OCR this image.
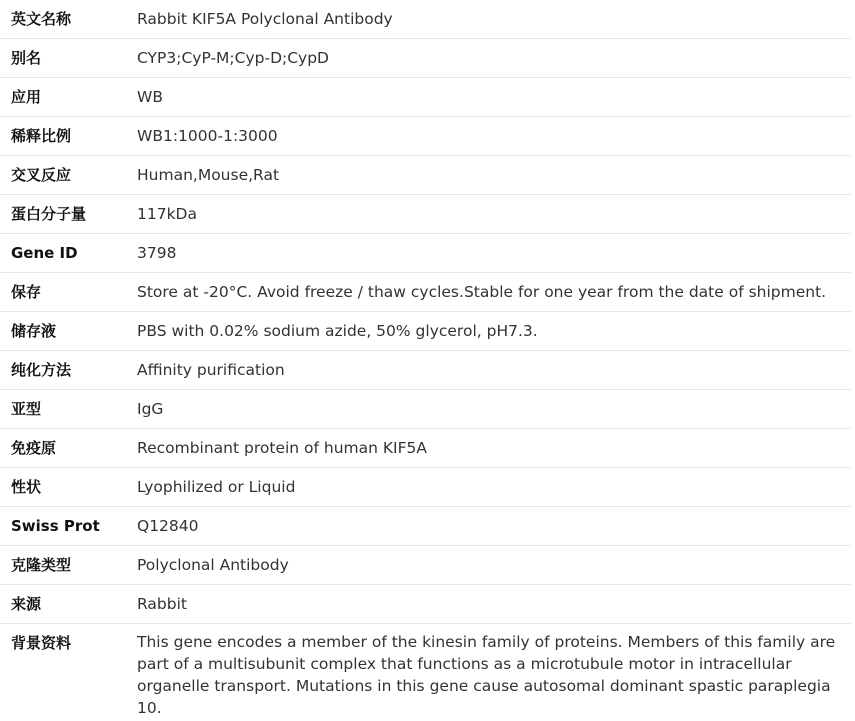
英文名称	Rabbit KIF5A Polyclonal Antibody
别名	CYP3;CyP-M;Cyp-D;CypD
应用	WB
稀释比例	WB1:1000-1:3000
交叉反应	Human,Mouse,Rat
蛋白分子量	117kDa
Gene ID	3798
保存	Store at -20°C. Avoid freeze / thaw cycles.Stable for one year from the date of shipment.
储存液	PBS with 0.02% sodium azide, 50% glycerol, pH7.3.
纯化方法	Affinity purification
亚型	IgG
免疫原	Recombinant protein of human KIF5A
性状	Lyophilized or Liquid
Swiss Prot	Q12840
克隆类型	Polyclonal Antibody
来源	Rabbit
背景资料	This gene encodes a member of the kinesin family of proteins. Members of this family are part of a multisubunit complex that functions as a microtubule motor in intracellular organelle transport. Mutations in this gene cause autosomal dominant spastic paraplegia 10.
